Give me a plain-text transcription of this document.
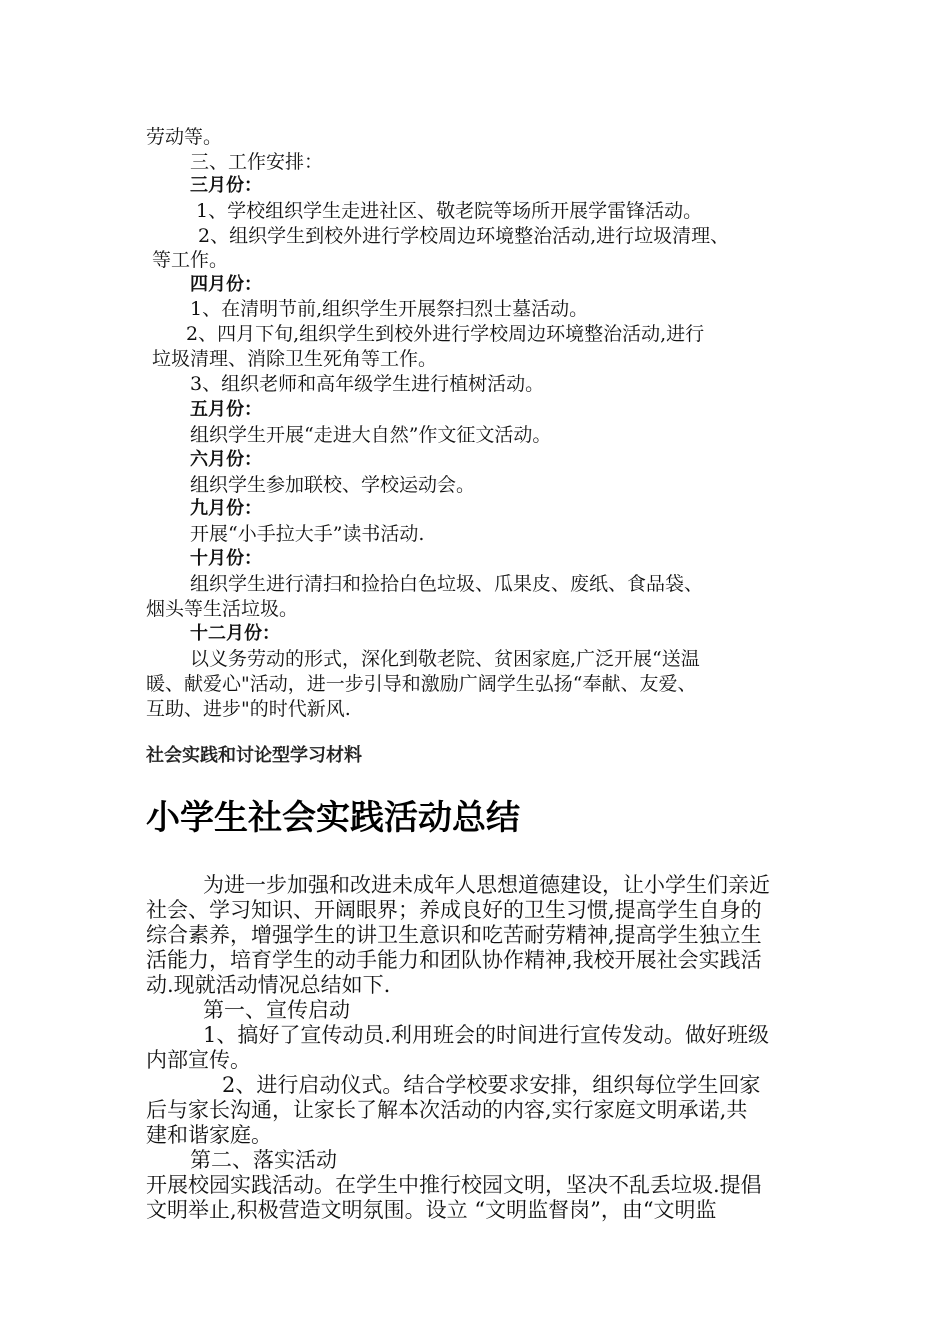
劳动等。
三、工作安排：
三月份：
1、学校组织学生走进社区、敬老院等场所开展学雷锋活动。
2、组织学生到校外进行学校周边环境整治活动,进行垃圾清理、
等工作。
四月份：
1、在清明节前,组织学生开展祭扫烈士墓活动。
2、四月下旬,组织学生到校外进行学校周边环境整治活动,进行
垃圾清理、消除卫生死角等工作。
3、组织老师和高年级学生进行植树活动。
五月份：
组织学生开展“走进大自然”作文征文活动。
六月份：
组织学生参加联校、学校运动会。
九月份：
开展“小手拉大手”读书活动.
十月份：
组织学生进行清扫和捡拾白色垃圾、瓜果皮、废纸、食品袋、
烟头等生活垃圾。
十二月份：
以义务劳动的形式，深化到敬老院、贫困家庭,广泛开展“送温
暖、献爱心"活动，进一步引导和激励广阔学生弘扬“奉献、友爱、
互助、进步"的时代新风.
社会实践和讨论型学习材料
小学生社会实践活动总结
为进一步加强和改进未成年人思想道德建设，让小学生们亲近
社会、学习知识、开阔眼界；养成良好的卫生习惯,提高学生自身的
综合素养，增强学生的讲卫生意识和吃苦耐劳精神,提高学生独立生
活能力，培育学生的动手能力和团队协作精神,我校开展社会实践活
动.现就活动情况总结如下.
第一、宣传启动
1、搞好了宣传动员.利用班会的时间进行宣传发动。做好班级
内部宣传。
2、进行启动仪式。结合学校要求安排，组织每位学生回家
后与家长沟通，让家长了解本次活动的内容,实行家庭文明承诺,共
建和谐家庭。
第二、落实活动
开展校园实践活动。在学生中推行校园文明，坚决不乱丢垃圾.提倡
文明举止,积极营造文明氛围。设立 “文明监督岗”，由“文明监
